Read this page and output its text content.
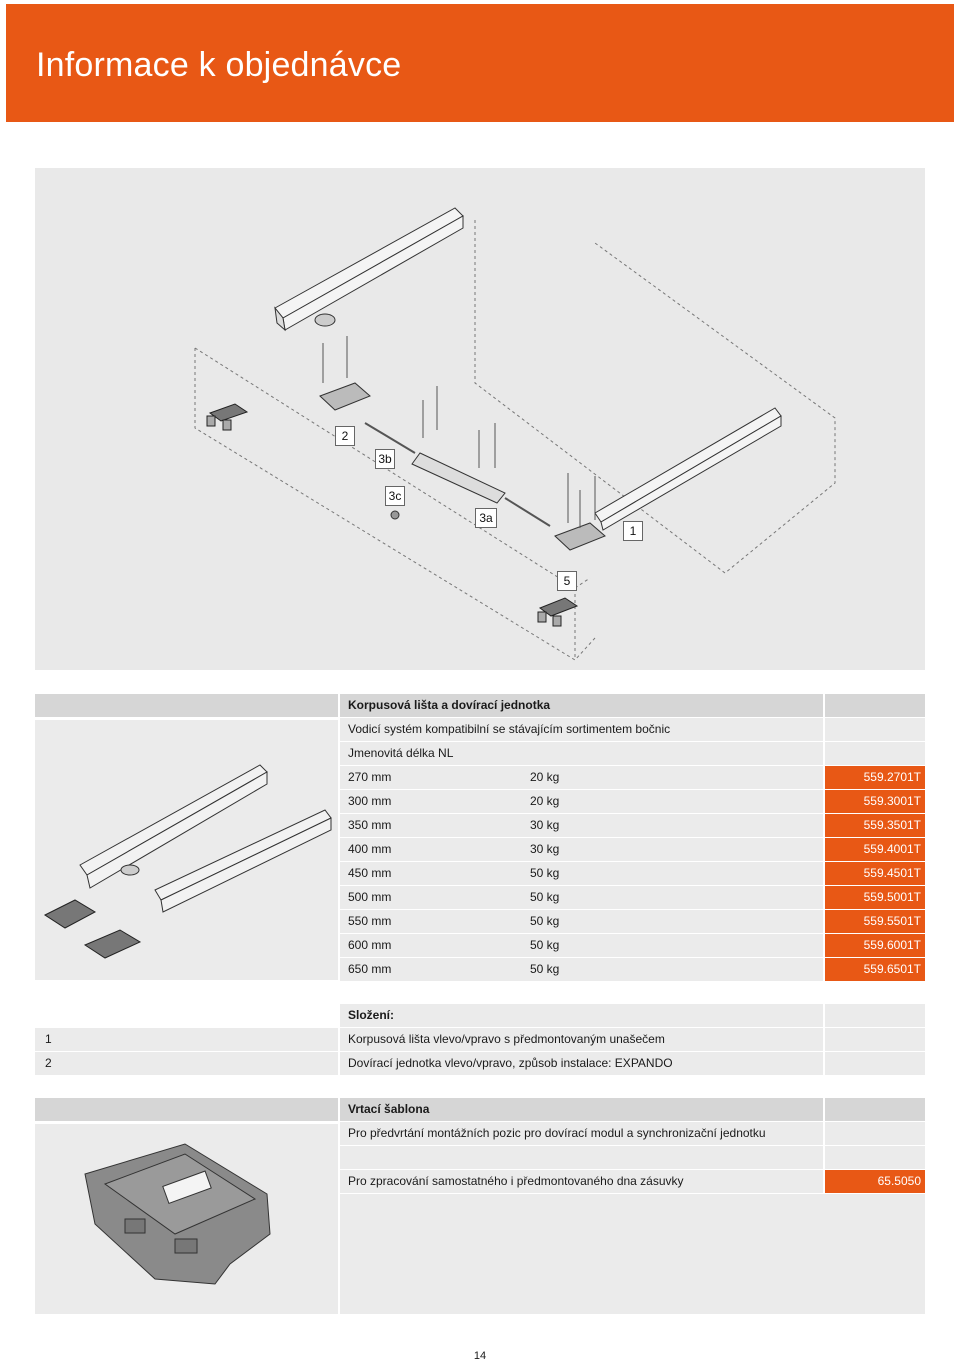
Informace k objednávce
2
3b
3c
3a
1
5
Korpusová lišta a dovírací jednotka
Vodicí systém kompatibilní se stávajícím sortimentem bočnic
Jmenovitá délka NL
270 mm	20 kg	559.2701T
300 mm	20 kg	559.3001T
350 mm	30 kg	559.3501T
400 mm	30 kg	559.4001T
450 mm	50 kg	559.4501T
500 mm	50 kg	559.5001T
550 mm	50 kg	559.5501T
600 mm	50 kg	559.6001T
650 mm	50 kg	559.6501T
Složení:
1	Korpusová lišta vlevo/vpravo s předmontovaným unašečem
2	Dovírací jednotka vlevo/vpravo, způsob instalace: EXPANDO
Vrtací šablona
Pro předvrtání montážních pozic pro dovírací modul a synchronizační jednotku
Pro zpracování samostatného i předmontovaného dna zásuvky	65.5050
14
